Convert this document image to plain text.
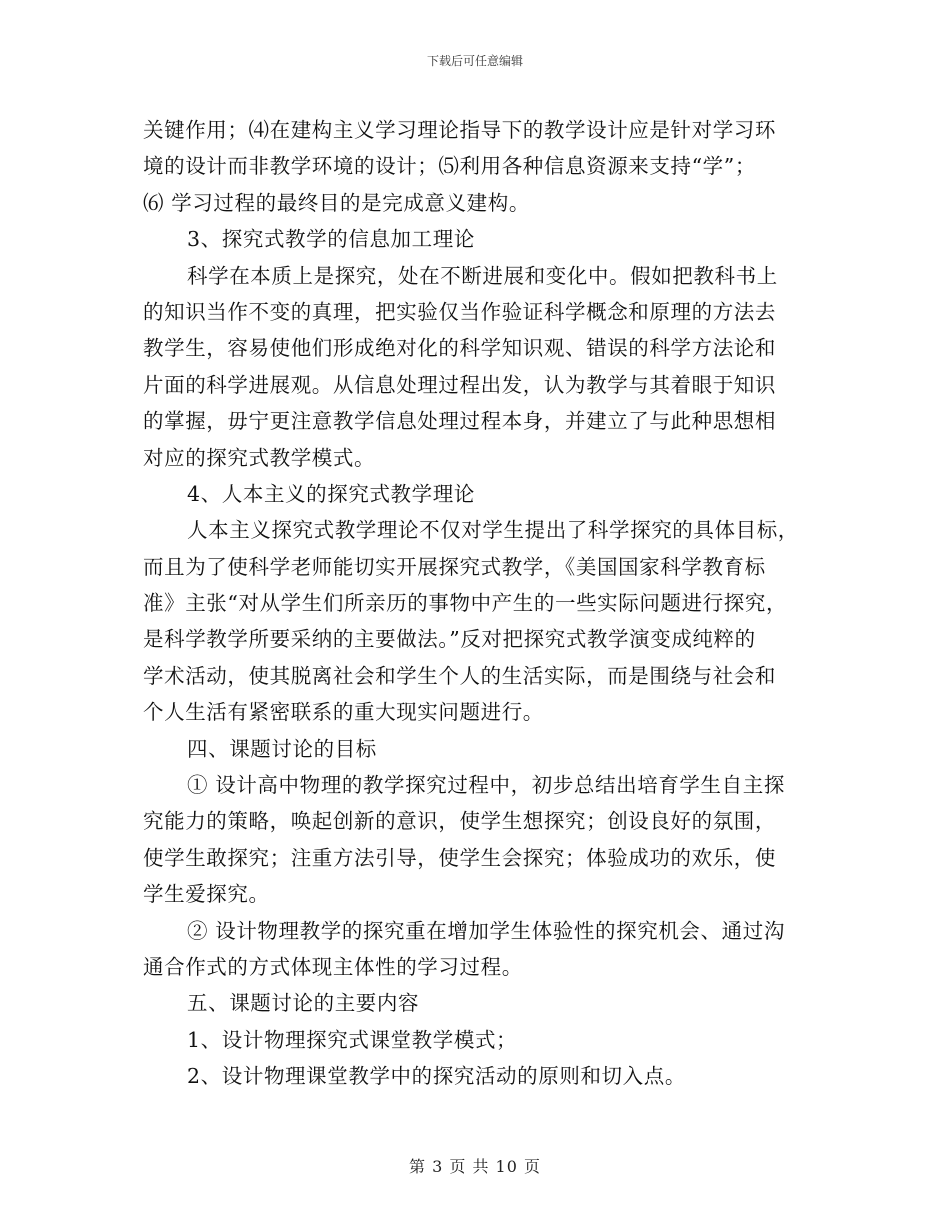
下载后可任意编辑
关键作用；⑷在建构主义学习理论指导下的教学设计应是针对学习环
境的设计而非教学环境的设计；⑸利用各种信息资源来支持“学”；
⑹ 学习过程的最终目的是完成意义建构。
3、探究式教学的信息加工理论
科学在本质上是探究，处在不断进展和变化中。假如把教科书上
的知识当作不变的真理，把实验仅当作验证科学概念和原理的方法去
教学生，容易使他们形成绝对化的科学知识观、错误的科学方法论和
片面的科学进展观。从信息处理过程出发，认为教学与其着眼于知识
的掌握，毋宁更注意教学信息处理过程本身，并建立了与此种思想相
对应的探究式教学模式。
4、人本主义的探究式教学理论
人本主义探究式教学理论不仅对学生提出了科学探究的具体目标，
而且为了使科学老师能切实开展探究式教学，《美国国家科学教育标
准》主张“对从学生们所亲历的事物中产生的一些实际问题进行探究，
是科学教学所要采纳的主要做法。”反对把探究式教学演变成纯粹的
学术活动，使其脱离社会和学生个人的生活实际，而是围绕与社会和
个人生活有紧密联系的重大现实问题进行。
四、课题讨论的目标
① 设计高中物理的教学探究过程中，初步总结出培育学生自主探
究能力的策略，唤起创新的意识，使学生想探究；创设良好的氛围，
使学生敢探究；注重方法引导，使学生会探究；体验成功的欢乐，使
学生爱探究。
② 设计物理教学的探究重在增加学生体验性的探究机会、通过沟
通合作式的方式体现主体性的学习过程。
五、课题讨论的主要内容
1、设计物理探究式课堂教学模式；
2、设计物理课堂教学中的探究活动的原则和切入点。
第 3 页 共 10 页
